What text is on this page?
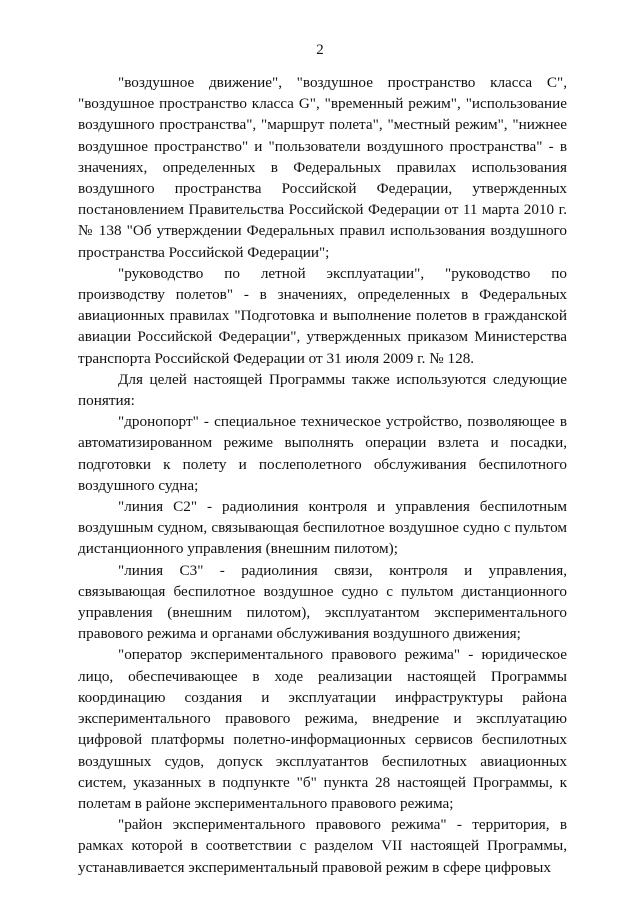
2

"воздушное движение", "воздушное пространство класса C", "воздушное пространство класса G", "временный режим", "использование воздушного пространства", "маршрут полета", "местный режим", "нижнее воздушное пространство" и "пользователи воздушного пространства" - в значениях, определенных в Федеральных правилах использования воздушного пространства Российской Федерации, утвержденных постановлением Правительства Российской Федерации от 11 марта 2010 г. № 138 "Об утверждении Федеральных правил использования воздушного пространства Российской Федерации";

"руководство по летной эксплуатации", "руководство по производству полетов" - в значениях, определенных в Федеральных авиационных правилах "Подготовка и выполнение полетов в гражданской авиации Российской Федерации", утвержденных приказом Министерства транспорта Российской Федерации от 31 июля 2009 г. № 128.

Для целей настоящей Программы также используются следующие понятия:

"дронопорт" - специальное техническое устройство, позволяющее в автоматизированном режиме выполнять операции взлета и посадки, подготовки к полету и послеполетного обслуживания беспилотного воздушного судна;

"линия C2" - радиолиния контроля и управления беспилотным воздушным судном, связывающая беспилотное воздушное судно с пультом дистанционного управления (внешним пилотом);

"линия C3" - радиолиния связи, контроля и управления, связывающая беспилотное воздушное судно с пультом дистанционного управления (внешним пилотом), эксплуатантом экспериментального правового режима и органами обслуживания воздушного движения;

"оператор экспериментального правового режима" - юридическое лицо, обеспечивающее в ходе реализации настоящей Программы координацию создания и эксплуатации инфраструктуры района экспериментального правового режима, внедрение и эксплуатацию цифровой платформы полетно-информационных сервисов беспилотных воздушных судов, допуск эксплуатантов беспилотных авиационных систем, указанных в подпункте "б" пункта 28 настоящей Программы, к полетам в районе экспериментального правового режима;

"район экспериментального правового режима" - территория, в рамках которой в соответствии с разделом VII настоящей Программы, устанавливается экспериментальный правовой режим в сфере цифровых
